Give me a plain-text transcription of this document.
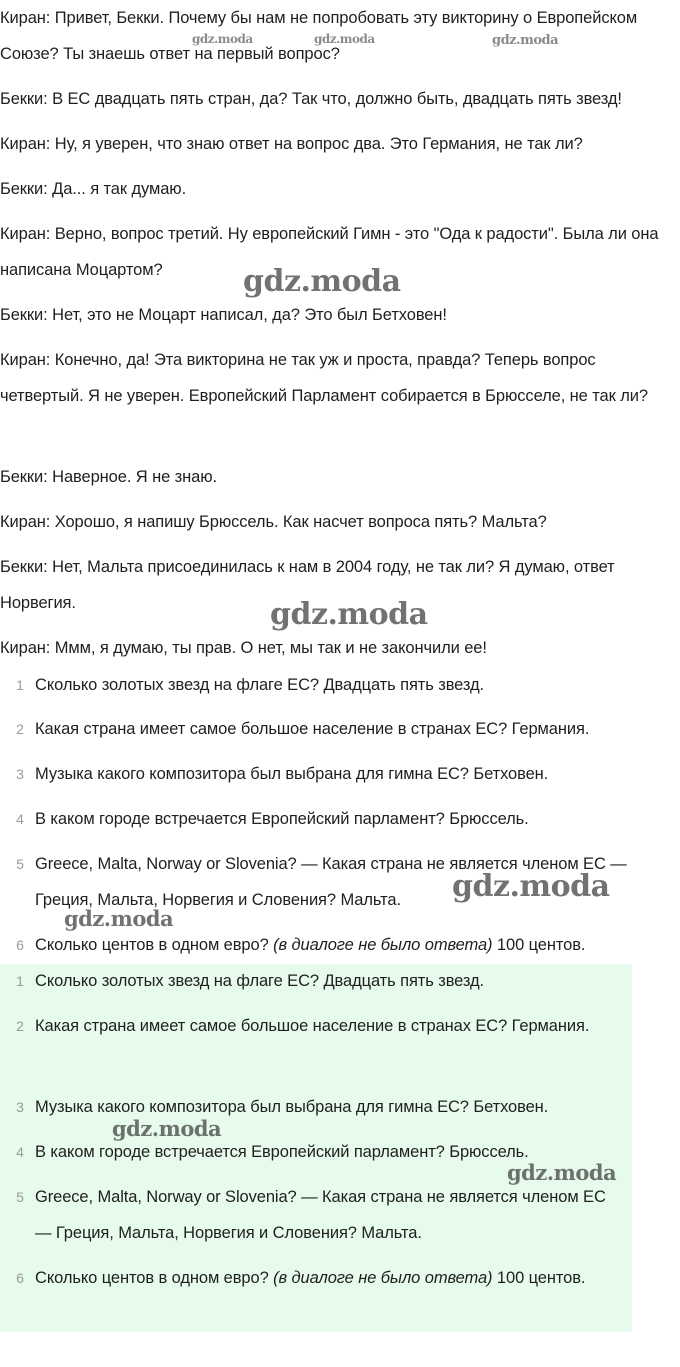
Киран: Привет, Бекки. Почему бы нам не попробовать эту викторину о Европейском Союзе? Ты знаешь ответ на первый вопрос?
Бекки: В ЕС двадцать пять стран, да? Так что, должно быть, двадцать пять звезд!
Киран: Ну, я уверен, что знаю ответ на вопрос два. Это Германия, не так ли?
Бекки: Да... я так думаю.
Киран: Верно, вопрос третий. Ну европейский Гимн - это "Ода к радости". Была ли она написана Моцартом?
Бекки: Нет, это не Моцарт написал, да? Это был Бетховен!
Киран: Конечно, да! Эта викторина не так уж и проста, правда? Теперь вопрос четвертый. Я не уверен. Европейский Парламент собирается в Брюсселе, не так ли?
Бекки: Наверное. Я не знаю.
Киран: Хорошо, я напишу Брюссель. Как насчет вопроса пять? Мальта?
Бекки: Нет, Мальта присоединилась к нам в 2004 году, не так ли? Я думаю, ответ Норвегия.
Киран: Ммм, я думаю, ты прав. О нет, мы так и не закончили ее!
1 Сколько золотых звезд на флаге ЕС? Двадцать пять звезд.
2 Какая страна имеет самое большое население в странах ЕС? Германия.
3 Музыка какого композитора был выбрана для гимна ЕС? Бетховен.
4 В каком городе встречается Европейский парламент? Брюссель.
5 Greece, Malta, Norway or Slovenia? — Какая страна не является членом ЕС — Греция, Мальта, Норвегия и Словения? Мальта.
6 Сколько центов в одном евро? (в диалоге не было ответа) 100 центов.
1 Сколько золотых звезд на флаге ЕС? Двадцать пять звезд.
2 Какая страна имеет самое большое население в странах ЕС? Германия.
3 Музыка какого композитора был выбрана для гимна ЕС? Бетховен.
4 В каком городе встречается Европейский парламент? Брюссель.
5 Greece, Malta, Norway or Slovenia? — Какая страна не является членом ЕС — Греция, Мальта, Норвегия и Словения? Мальта.
6 Сколько центов в одном евро? (в диалоге не было ответа) 100 центов.
gdz.moda	gdz.moda	gdz.moda
gdz.moda
gdz.moda
gdz.moda
gdz.moda
gdz.moda
gdz.moda
